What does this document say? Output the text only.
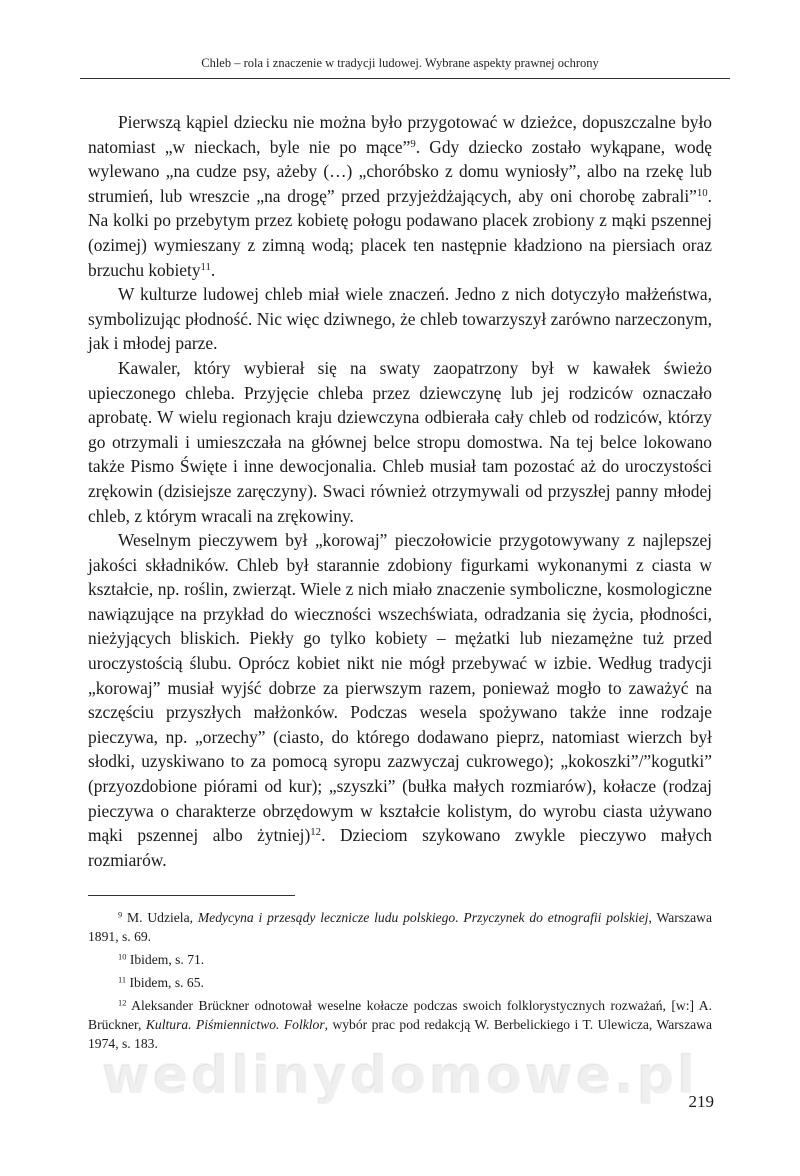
Chleb – rola i znaczenie w tradycji ludowej. Wybrane aspekty prawnej ochrony

Pierwszą kąpiel dziecku nie można było przygotować w dzieżce, dopuszczalne było natomiast „w nieckach, byle nie po mące”$^9$. Gdy dziecko zostało wykąpane, wodę wylewano „na cudze psy, ażeby (…) „choróbsko z domu wyniosły”, albo na rzekę lub strumień, lub wreszcie „na drogę” przed przyjeżdżających, aby oni chorobę zabrali”$^{10}$. Na kolki po przebytym przez kobietę połogu podawano placek zrobiony z mąki pszennej (ozimej) wymieszany z zimną wodą; placek ten następnie kładziono na piersiach oraz brzuchu kobiety$^{11}$.

W kulturze ludowej chleb miał wiele znaczeń. Jedno z nich dotyczyło małżeństwa, symbolizując płodność. Nic więc dziwnego, że chleb towarzyszył zarówno narzeczonym, jak i młodej parze.

Kawaler, który wybierał się na swaty zaopatrzony był w kawałek świeżo upieczonego chleba. Przyjęcie chleba przez dziewczynę lub jej rodziców oznaczało aprobatę. W wielu regionach kraju dziewczyna odbierała cały chleb od rodziców, którzy go otrzymali i umieszczała na głównej belce stropu domostwa. Na tej belce lokowano także Pismo Święte i inne dewocjonalia. Chleb musiał tam pozostać aż do uroczystości zrękowin (dzisiejsze zaręczyny). Swaci również otrzymywali od przyszłej panny młodej chleb, z którym wracali na zrękowiny.

Weselnym pieczywem był „korowaj” pieczołowicie przygotowywany z najlepszej jakości składników. Chleb był starannie zdobiony figurkami wykonanymi z ciasta w kształcie, np. roślin, zwierząt. Wiele z nich miało znaczenie symboliczne, kosmologiczne nawiązujące na przykład do wieczności wszechświata, odradzania się życia, płodności, nieżyjących bliskich. Piekły go tylko kobiety – mężatki lub niezamężne tuż przed uroczystością ślubu. Oprócz kobiet nikt nie mógł przebywać w izbie. Według tradycji „korowaj” musiał wyjść dobrze za pierwszym razem, ponieważ mogło to zaważyć na szczęściu przyszłych małżonków. Podczas wesela spożywano także inne rodzaje pieczywa, np. „orzechy” (ciasto, do którego dodawano pieprz, natomiast wierzch był słodki, uzyskiwano to za pomocą syropu zazwyczaj cukrowego); „kokoszki”/”kogutki” (przyozdobione piórami od kur); „szyszki” (bułka małych rozmiarów), kołacze (rodzaj pieczywa o charakterze obrzędowym w kształcie kolistym, do wyrobu ciasta używano mąki pszennej albo żytniej)$^{12}$. Dzieciom szykowano zwykle pieczywo małych rozmiarów.

$^9$ M. Udziela, Medycyna i przesądy lecznicze ludu polskiego. Przyczynek do etnografii polskiej, Warszawa 1891, s. 69.

$^{10}$ Ibidem, s. 71.

$^{11}$ Ibidem, s. 65.

$^{12}$ Aleksander Brückner odnotował weselne kołacze podczas swoich folklorystycznych rozważań, [w:] A. Brückner, Kultura. Piśmiennictwo. Folklor, wybór prac pod redakcją W. Berbelickiego i T. Ulewicza, Warszawa 1974, s. 183.

wedlinydomowe.pl
219
